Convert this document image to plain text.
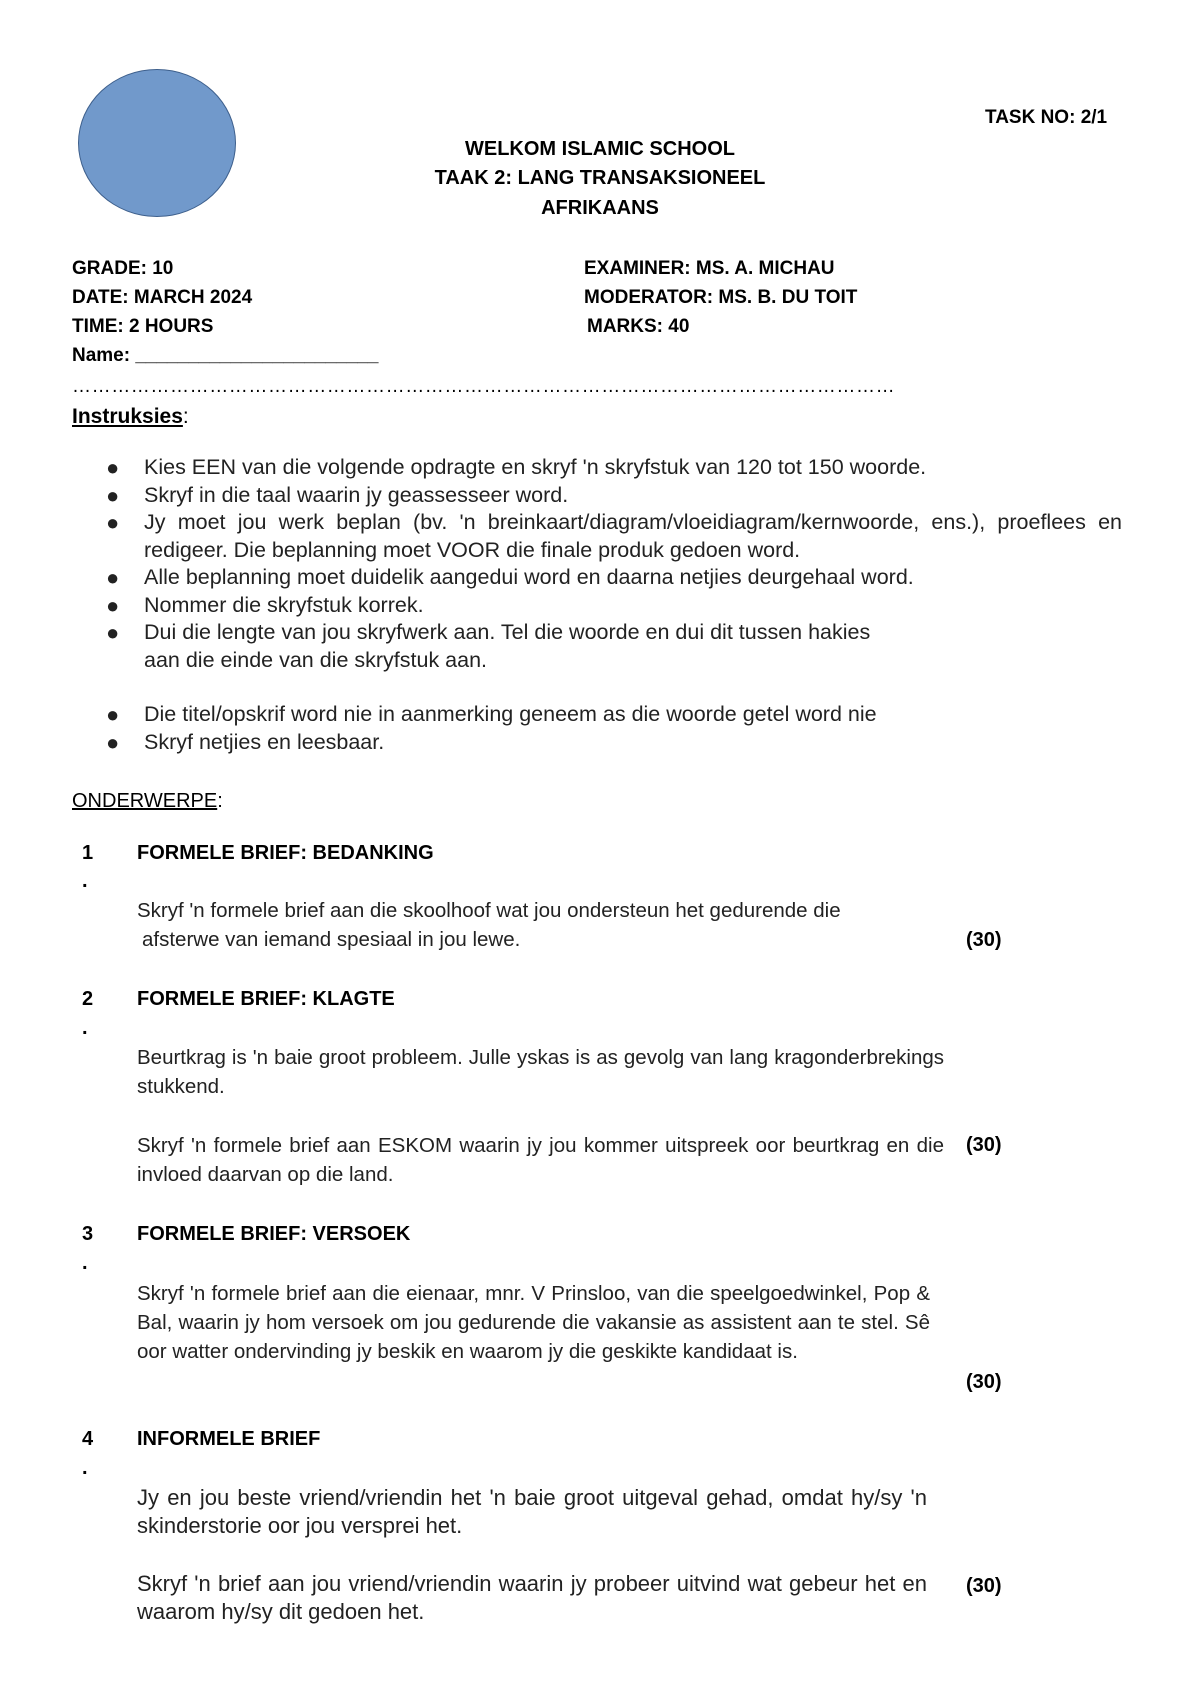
TASK NO: 2/1
WELKOM ISLAMIC SCHOOL
TAAK 2: LANG TRANSAKSIONEEL
AFRIKAANS
GRADE: 10
DATE: MARCH 2024
TIME: 2 HOURS
Name: _______________________
EXAMINER: MS. A. MICHAU
MODERATOR: MS. B. DU TOIT
MARKS: 40
………………………………………………………………………………………………………………
Instruksies:
● Kies EEN van die volgende opdragte en skryf 'n skryfstuk van 120 tot 150 woorde.
● Skryf in die taal waarin jy geassesseer word.
● Jy moet jou werk beplan (bv. 'n breinkaart/diagram/vloeidiagram/kernwoorde, ens.), proeflees en redigeer. Die beplanning moet VOOR die finale produk gedoen word.
● Alle beplanning moet duidelik aangedui word en daarna netjies deurgehaal word.
● Nommer die skryfstuk korrek.
● Dui die lengte van jou skryfwerk aan. Tel die woorde en dui dit tussen hakies
aan die einde van die skryfstuk aan.
● Die titel/opskrif word nie in aanmerking geneem as die woorde getel word nie
● Skryf netjies en leesbaar.
ONDERWERPE:
1
.
FORMELE BRIEF: BEDANKING
Skryf 'n formele brief aan die skoolhoof wat jou ondersteun het gedurende die
afsterwe van iemand spesiaal in jou lewe.	(30)
2
.
FORMELE BRIEF: KLAGTE
Beurtkrag is 'n baie groot probleem. Julle yskas is as gevolg van lang kragonderbrekings stukkend.
Skryf 'n formele brief aan ESKOM waarin jy jou kommer uitspreek oor beurtkrag en die invloed daarvan op die land.
(30)
3
.
FORMELE BRIEF: VERSOEK
Skryf 'n formele brief aan die eienaar, mnr. V Prinsloo, van die speelgoedwinkel, Pop & Bal, waarin jy hom versoek om jou gedurende die vakansie as assistent aan te stel. Sê oor watter ondervinding jy beskik en waarom jy die geskikte kandidaat is.
(30)
4
.
INFORMELE BRIEF
Jy en jou beste vriend/vriendin het 'n baie groot uitgeval gehad, omdat hy/sy 'n skinderstorie oor jou versprei het.
Skryf 'n brief aan jou vriend/vriendin waarin jy probeer uitvind wat gebeur het en waarom hy/sy dit gedoen het.
(30)
